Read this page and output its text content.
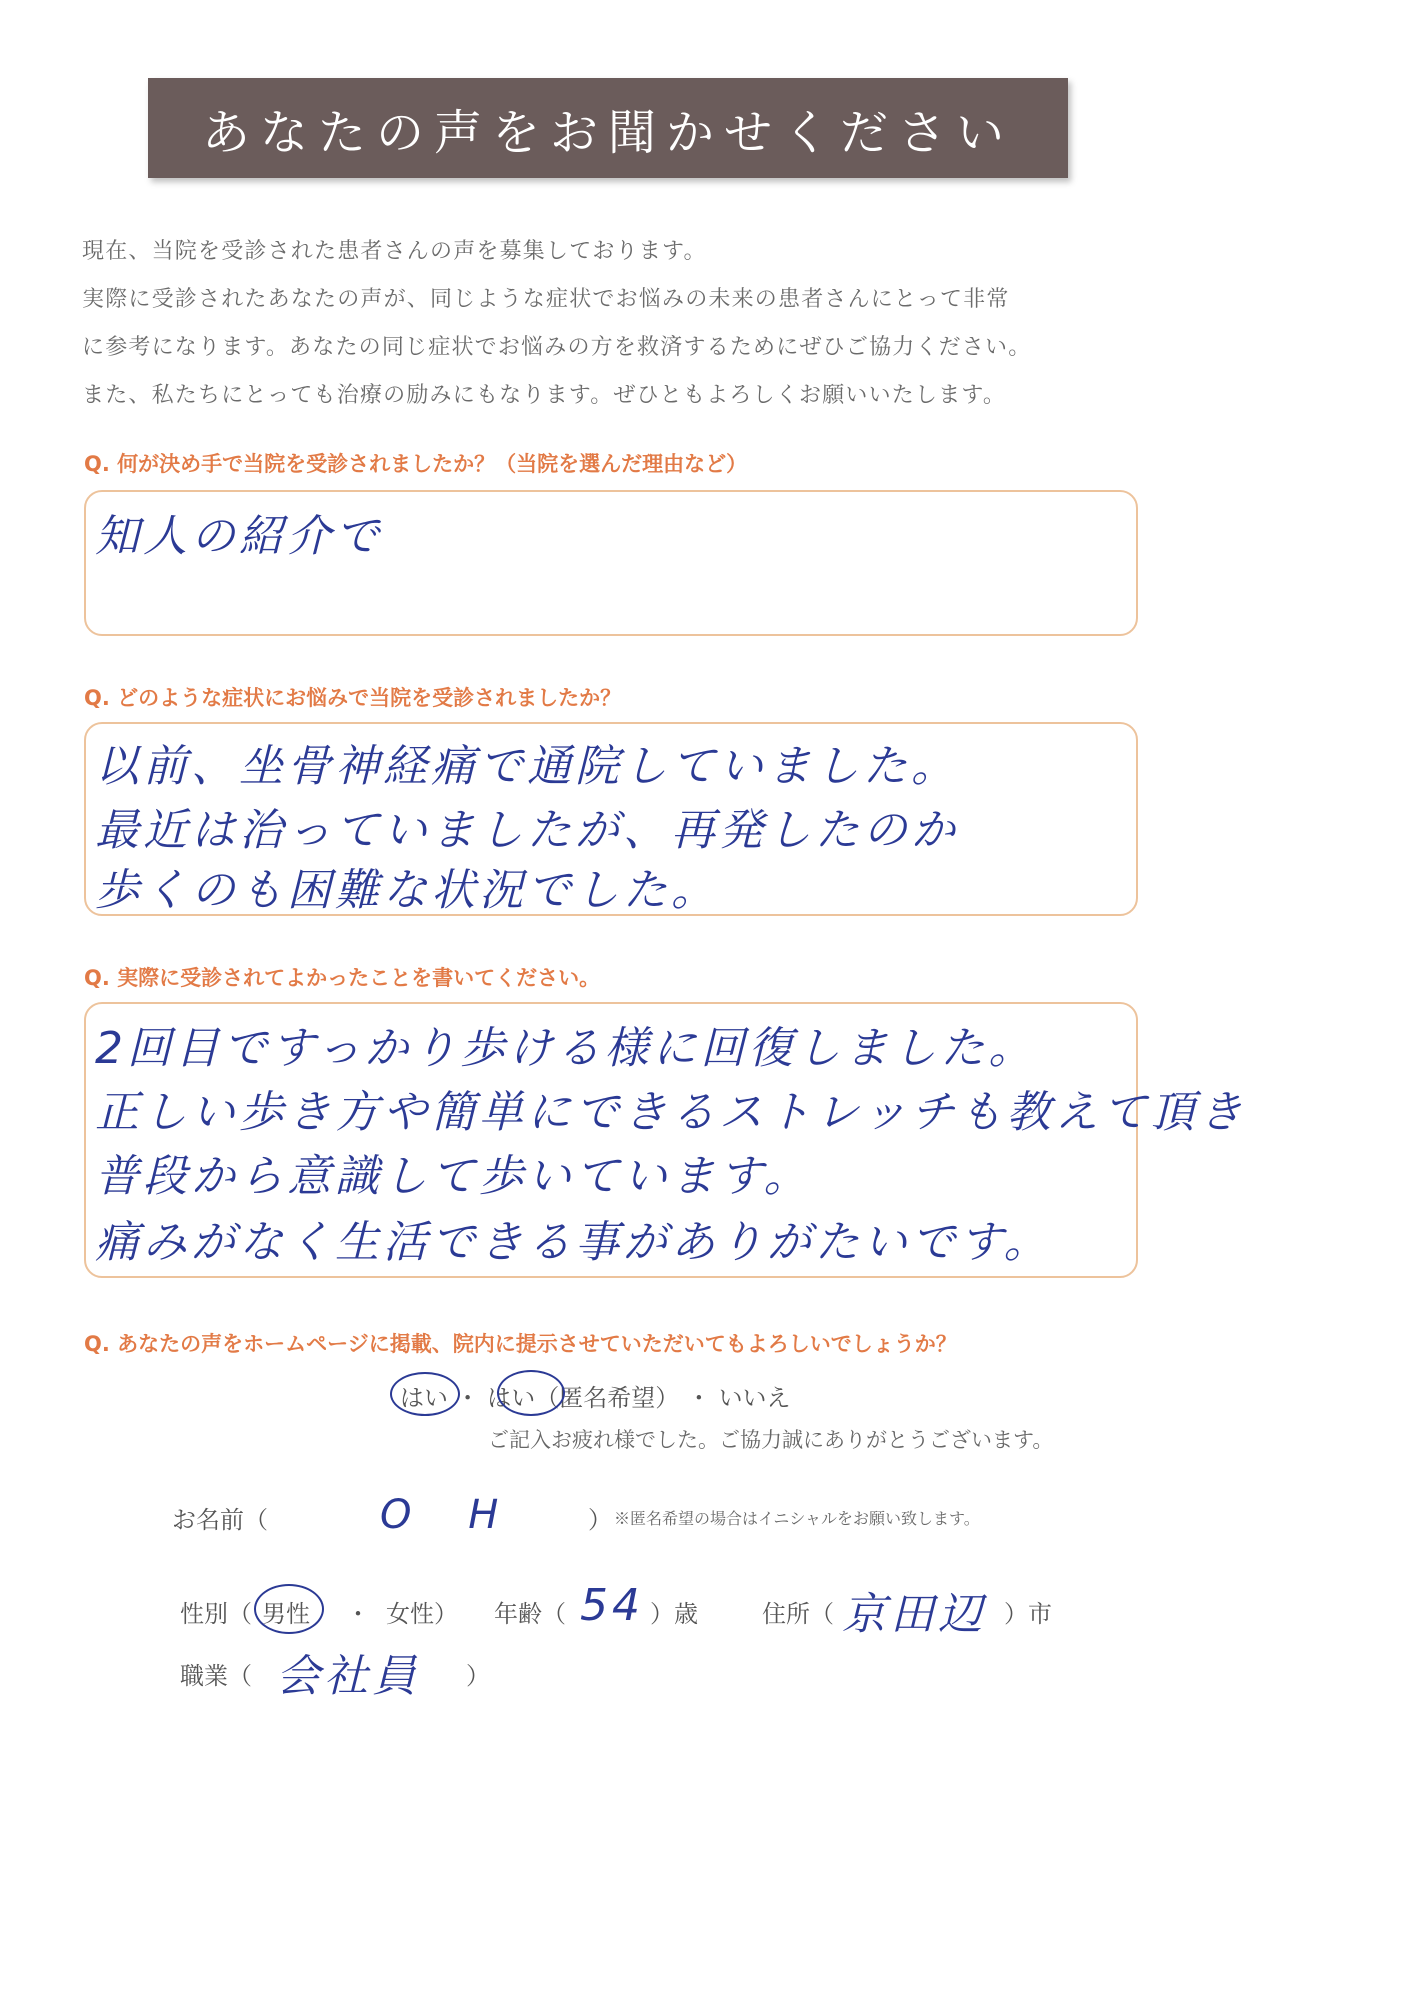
あなたの声をお聞かせください

現在、当院を受診された患者さんの声を募集しております。

実際に受診されたあなたの声が、同じような症状でお悩みの未来の患者さんにとって非常

に参考になります。あなたの同じ症状でお悩みの方を救済するためにぜひご協力ください。

また、私たちにとっても治療の励みにもなります。ぜひともよろしくお願いいたします。

Q. 何が決め手で当院を受診されましたか？（当院を選んだ理由など）
知人の紹介で
Q. どのような症状にお悩みで当院を受診されましたか？
以前、坐骨神経痛で通院していました。
最近は治っていましたが、再発したのか
歩くのも困難な状況でした。
Q. 実際に受診されてよかったことを書いてください。
2回目ですっかり歩ける様に回復しました。
正しい歩き方や簡単にできるストレッチも教えて頂き
普段から意識して歩いています。
痛みがなく生活できる事がありがたいです。
Q. あなたの声をホームページに掲載、院内に提示させていただいてもよろしいでしょうか？
はい ・ はい（匿名希望） ・ いいえ
ご記入お疲れ様でした。ご協力誠にありがとうございます。
お名前（	O H	） ※匿名希望の場合はイニシャルをお願い致します。
性別（ 男性 ・ 女性） 年齢（ 54 ）歳	住所（ 京田辺 ）市
職業（ 会社員 ）
